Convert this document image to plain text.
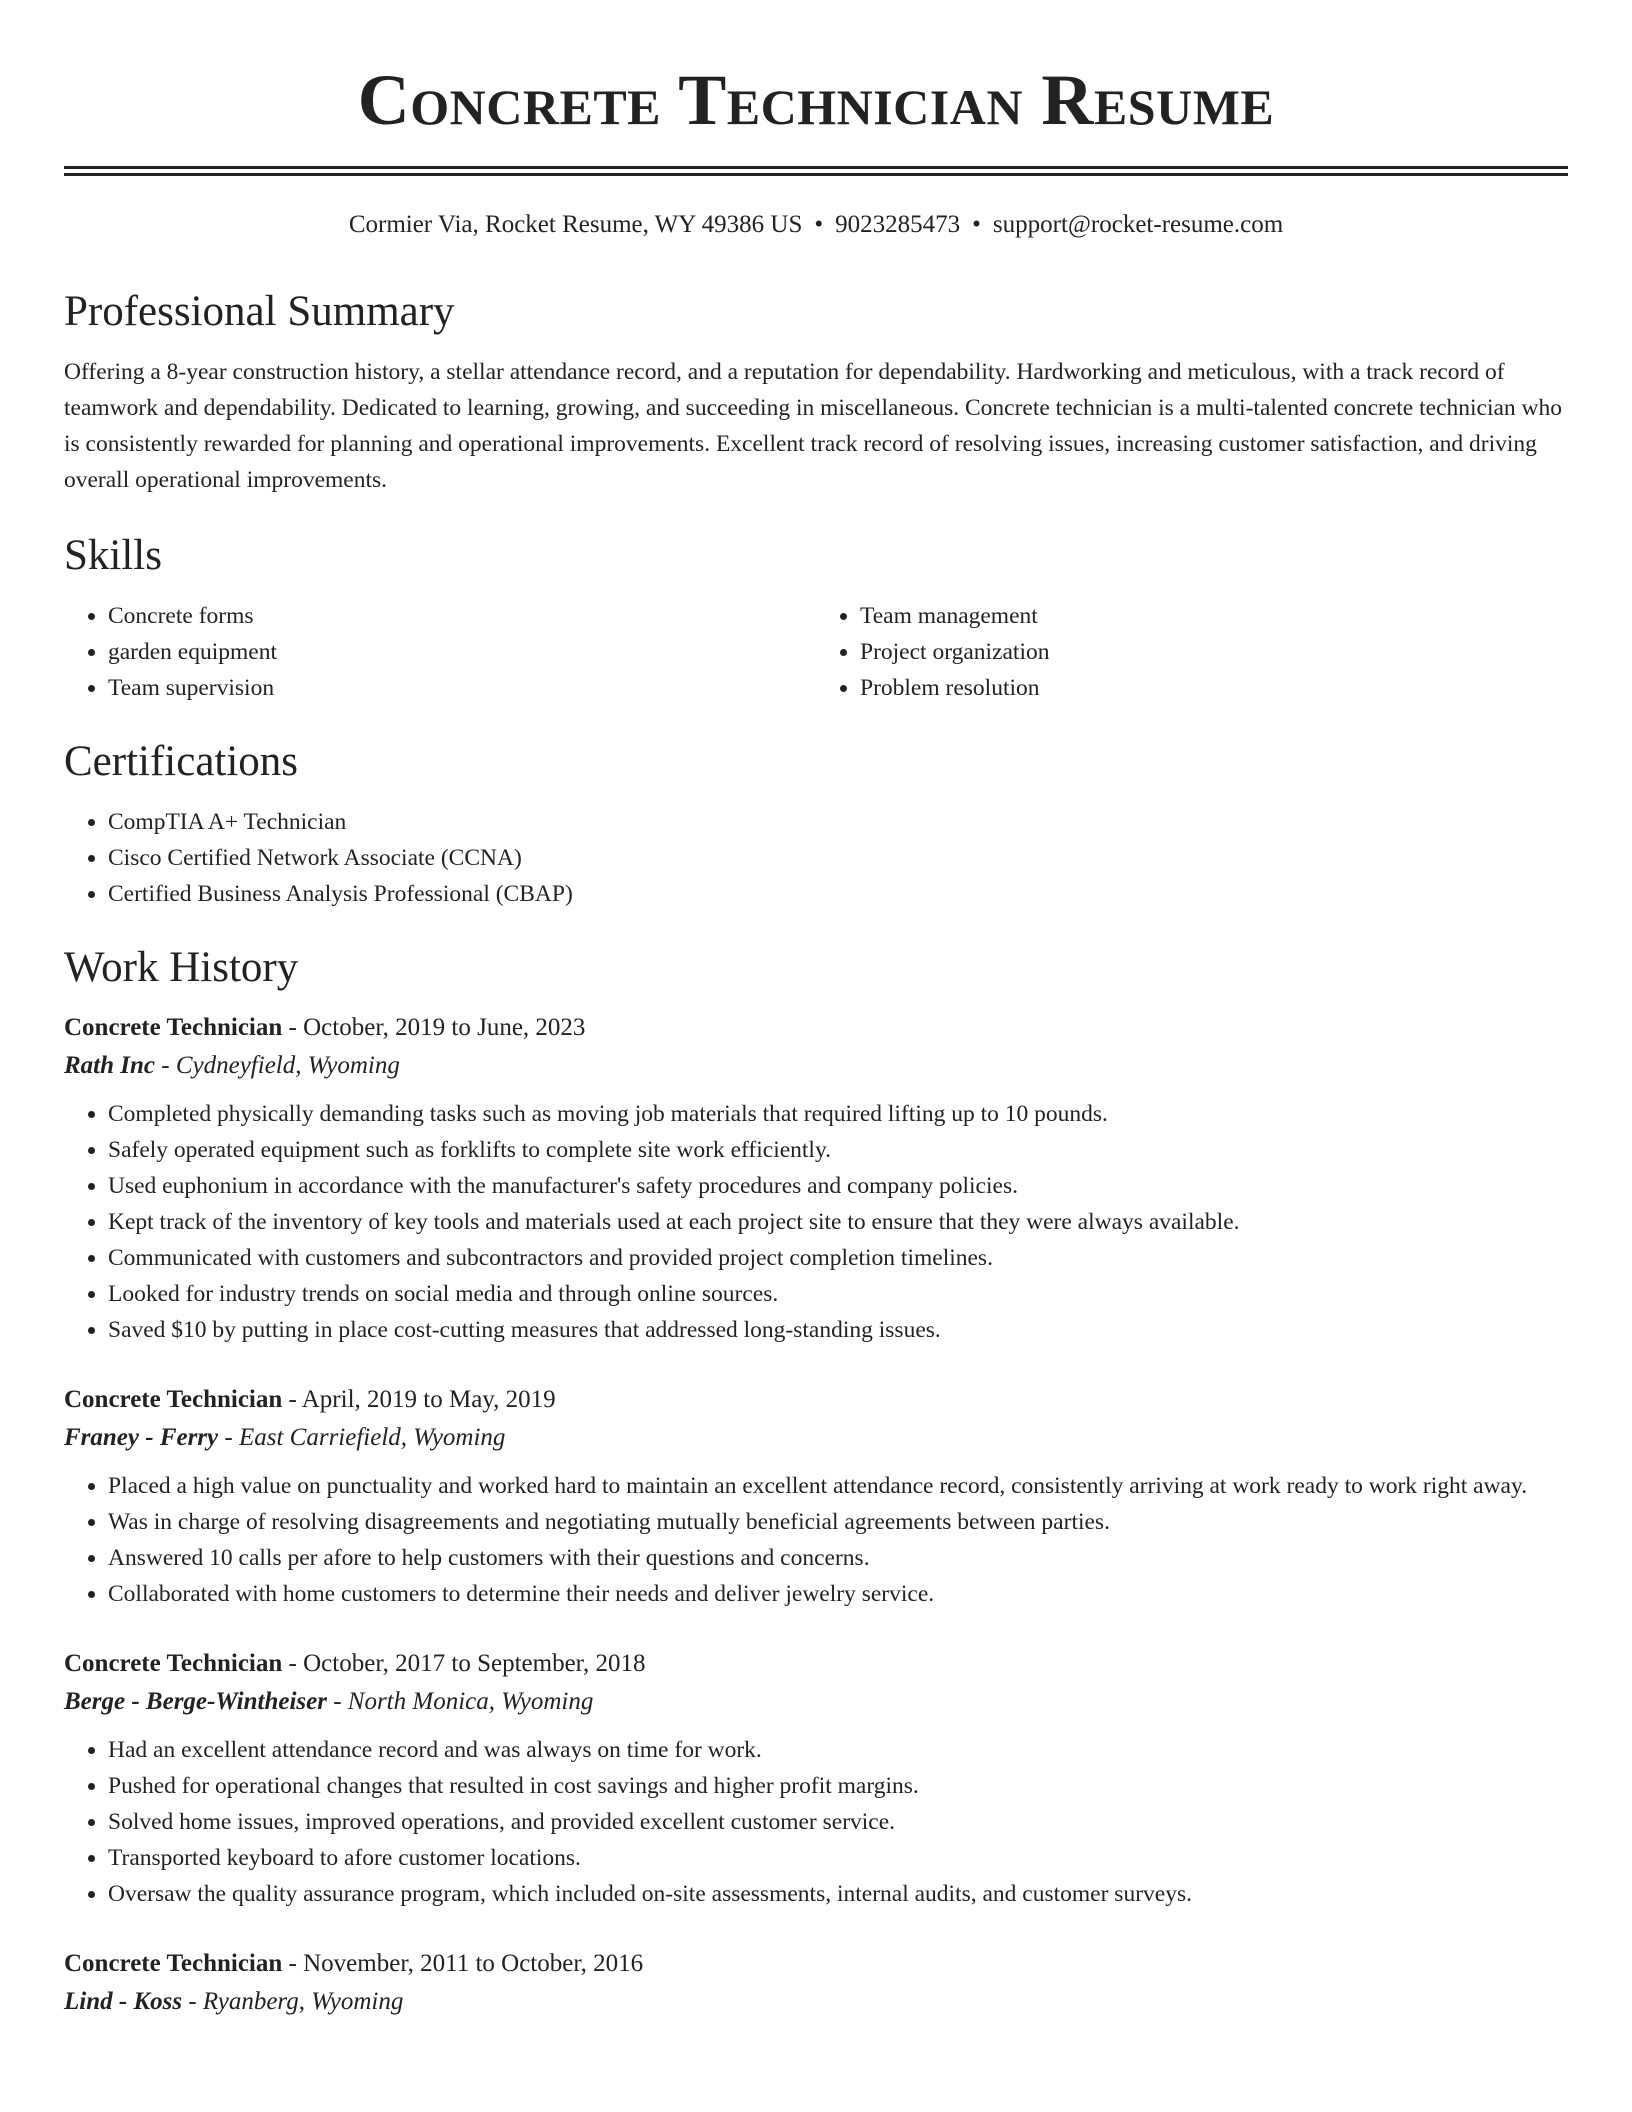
Concrete Technician Resume
Cormier Via, Rocket Resume, WY 49386 US • 9023285473 • support@rocket-resume.com
Professional Summary

Offering a 8-year construction history, a stellar attendance record, and a reputation for dependability. Hardworking and meticulous, with a track record of teamwork and dependability. Dedicated to learning, growing, and succeeding in miscellaneous. Concrete technician is a multi-talented concrete technician who is consistently rewarded for planning and operational improvements. Excellent track record of resolving issues, increasing customer satisfaction, and driving overall operational improvements.

Skills
• Concrete forms
• garden equipment
• Team supervision
• Team management
• Project organization
• Problem resolution
Certifications
• CompTIA A+ Technician
• Cisco Certified Network Associate (CCNA)
• Certified Business Analysis Professional (CBAP)
Work History
Concrete Technician - October, 2019 to June, 2023
Rath Inc - Cydneyfield, Wyoming
• Completed physically demanding tasks such as moving job materials that required lifting up to 10 pounds.
• Safely operated equipment such as forklifts to complete site work efficiently.
• Used euphonium in accordance with the manufacturer's safety procedures and company policies.
• Kept track of the inventory of key tools and materials used at each project site to ensure that they were always available.
• Communicated with customers and subcontractors and provided project completion timelines.
• Looked for industry trends on social media and through online sources.
• Saved $10 by putting in place cost-cutting measures that addressed long-standing issues.
Concrete Technician - April, 2019 to May, 2019
Franey - Ferry - East Carriefield, Wyoming
• Placed a high value on punctuality and worked hard to maintain an excellent attendance record, consistently arriving at work ready to work right away.
• Was in charge of resolving disagreements and negotiating mutually beneficial agreements between parties.
• Answered 10 calls per afore to help customers with their questions and concerns.
• Collaborated with home customers to determine their needs and deliver jewelry service.
Concrete Technician - October, 2017 to September, 2018
Berge - Berge-Wintheiser - North Monica, Wyoming
• Had an excellent attendance record and was always on time for work.
• Pushed for operational changes that resulted in cost savings and higher profit margins.
• Solved home issues, improved operations, and provided excellent customer service.
• Transported keyboard to afore customer locations.
• Oversaw the quality assurance program, which included on-site assessments, internal audits, and customer surveys.
Concrete Technician - November, 2011 to October, 2016
Lind - Koss - Ryanberg, Wyoming
